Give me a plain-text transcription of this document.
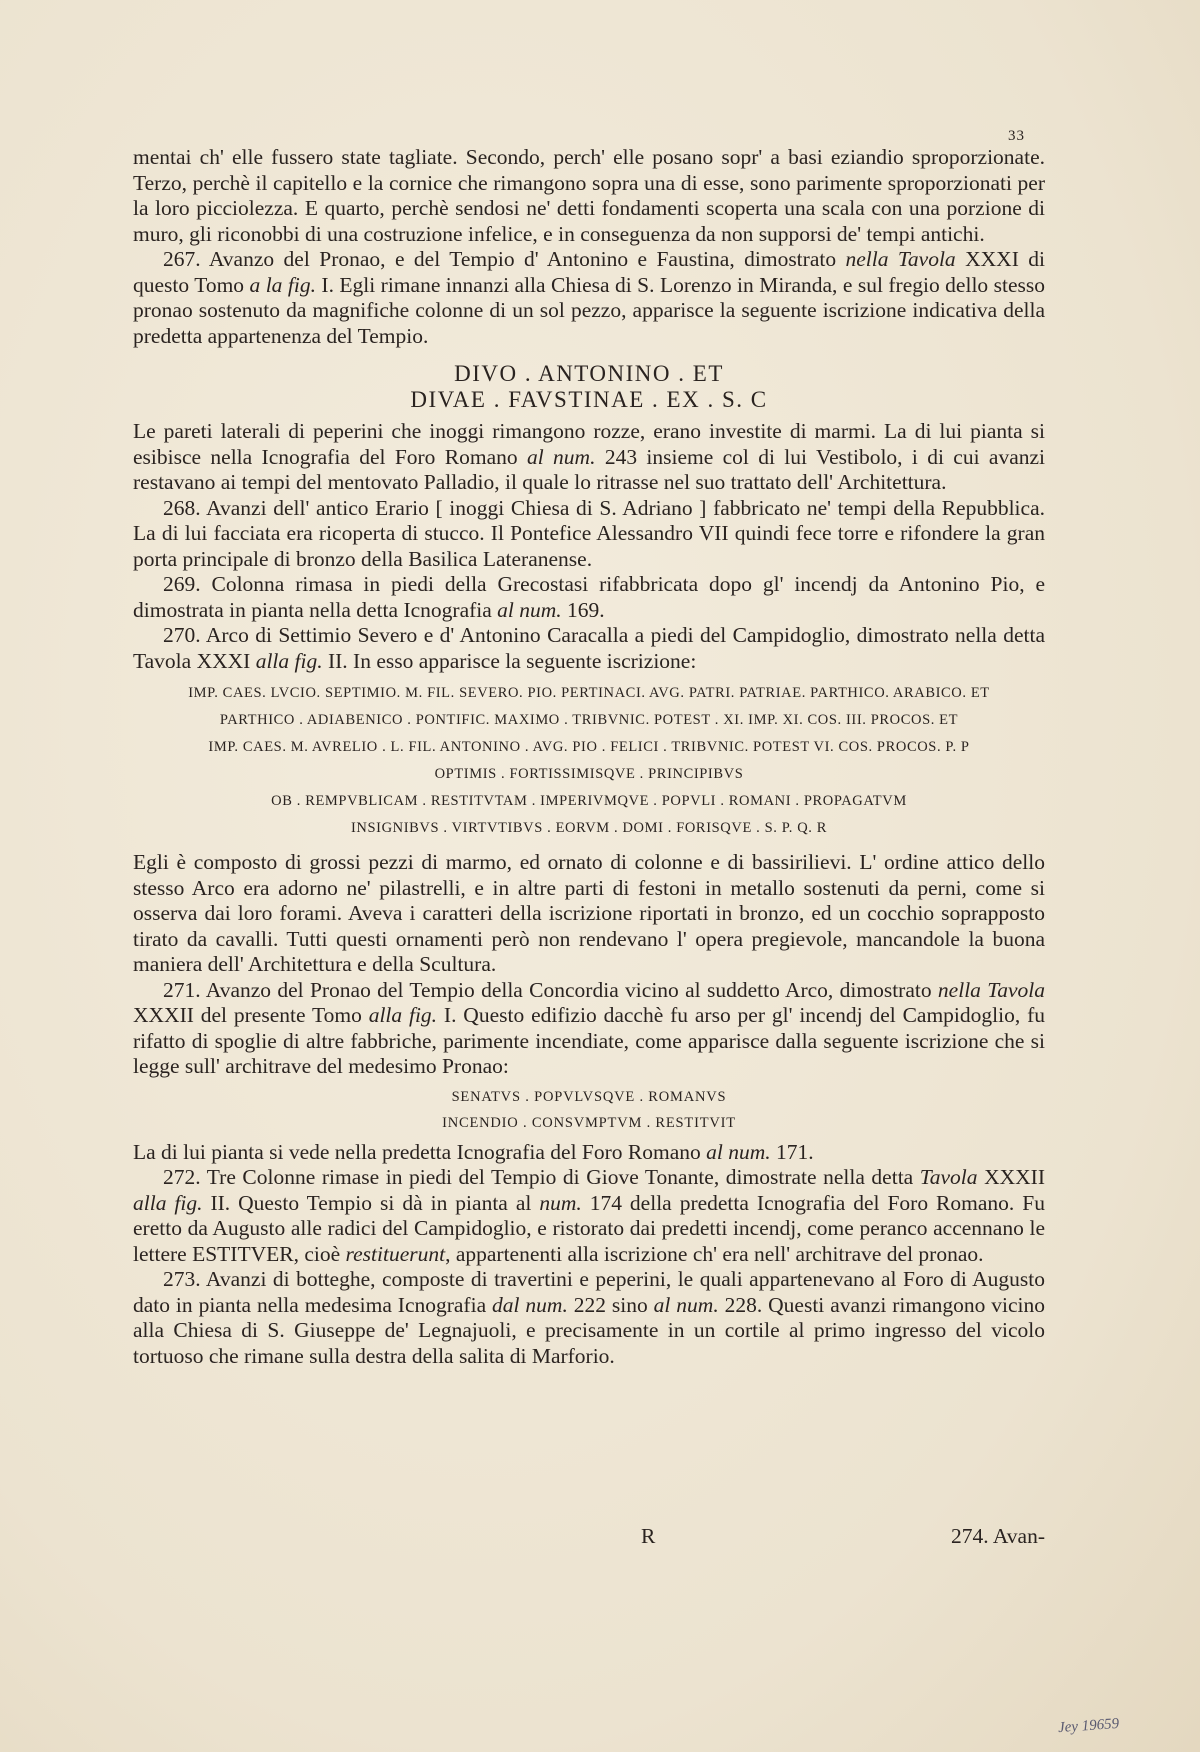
33

mentai ch' elle fussero state tagliate. Secondo, perch' elle posano sopr' a basi eziandio sproporzionate. Terzo, perchè il capitello e la cornice che rimangono sopra una di esse, sono parimente sproporzionati per la loro picciolezza. E quarto, perchè sendosi ne' detti fondamenti scoperta una scala con una porzione di muro, gli riconobbi di una costruzione infelice, e in conseguenza da non supporsi de' tempi antichi.

267. Avanzo del Pronao, e del Tempio d' Antonino e Faustina, dimostrato nella Tavola XXXI di questo Tomo a la fig. I. Egli rimane innanzi alla Chiesa di S. Lorenzo in Miranda, e sul fregio dello stesso pronao sostenuto da magnifiche colonne di un sol pezzo, apparisce la seguente iscrizione indicativa della predetta appartenenza del Tempio.

DIVO . ANTONINO . ET
DIVAE . FAVSTINAE . EX . S. C

Le pareti laterali di peperini che inoggi rimangono rozze, erano investite di marmi. La di lui pianta si esibisce nella Icnografia del Foro Romano al num. 243 insieme col di lui Vestibolo, i di cui avanzi restavano ai tempi del mentovato Palladio, il quale lo ritrasse nel suo trattato dell' Architettura.

268. Avanzi dell' antico Erario [ inoggi Chiesa di S. Adriano ] fabbricato ne' tempi della Repubblica. La di lui facciata era ricoperta di stucco. Il Pontefice Alessandro VII quindi fece torre e rifondere la gran porta principale di bronzo della Basilica Lateranense.

269. Colonna rimasa in piedi della Grecostasi rifabbricata dopo gl' incendj da Antonino Pio, e dimostrata in pianta nella detta Icnografia al num. 169.

270. Arco di Settimio Severo e d' Antonino Caracalla a piedi del Campidoglio, dimostrato nella detta Tavola XXXI alla fig. II. In esso apparisce la seguente iscrizione:

IMP. CAES. LVCIO. SEPTIMIO. M. FIL. SEVERO. PIO. PERTINACI. AVG. PATRI. PATRIAE. PARTHICO. ARABICO. ET
PARTHICO . ADIABENICO . PONTIFIC. MAXIMO . TRIBVNIC. POTEST . XI. IMP. XI. COS. III. PROCOS. ET
IMP. CAES. M. AVRELIO . L. FIL. ANTONINO . AVG. PIO . FELICI . TRIBVNIC. POTEST VI. COS. PROCOS. P. P
OPTIMIS . FORTISSIMISQVE . PRINCIPIBVS
OB . REMPVBLICAM . RESTITVTAM . IMPERIVMQVE . POPVLI . ROMANI . PROPAGATVM
INSIGNIBVS . VIRTVTIBVS . EORVM . DOMI . FORISQVE . S. P. Q. R

Egli è composto di grossi pezzi di marmo, ed ornato di colonne e di bassirilievi. L' ordine attico dello stesso Arco era adorno ne' pilastrelli, e in altre parti di festoni in metallo sostenuti da perni, come si osserva dai loro forami. Aveva i caratteri della iscrizione riportati in bronzo, ed un cocchio soprapposto tirato da cavalli. Tutti questi ornamenti però non rendevano l' opera pregievole, mancandole la buona maniera dell' Architettura e della Scultura.

271. Avanzo del Pronao del Tempio della Concordia vicino al suddetto Arco, dimostrato nella Tavola XXXII del presente Tomo alla fig. I. Questo edifizio dacchè fu arso per gl' incendj del Campidoglio, fu rifatto di spoglie di altre fabbriche, parimente incendiate, come apparisce dalla seguente iscrizione che si legge sull' architrave del medesimo Pronao:

SENATVS . POPVLVSQVE . ROMANVS
INCENDIO . CONSVMPTVM . RESTITVIT

La di lui pianta si vede nella predetta Icnografia del Foro Romano al num. 171.

272. Tre Colonne rimase in piedi del Tempio di Giove Tonante, dimostrate nella detta Tavola XXXII alla fig. II. Questo Tempio si dà in pianta al num. 174 della predetta Icnografia del Foro Romano. Fu eretto da Augusto alle radici del Campidoglio, e ristorato dai predetti incendj, come peranco accennano le lettere ESTITVER, cioè restituerunt, appartenenti alla iscrizione ch' era nell' architrave del pronao.

273. Avanzi di botteghe, composte di travertini e peperini, le quali appartenevano al Foro di Augusto dato in pianta nella medesima Icnografia dal num. 222 sino al num. 228. Questi avanzi rimangono vicino alla Chiesa di S. Giuseppe de' Legnajuoli, e precisamente in un cortile al primo ingresso del vicolo tortuoso che rimane sulla destra della salita di Marforio.

R	274. Avan-
Jey 19659
